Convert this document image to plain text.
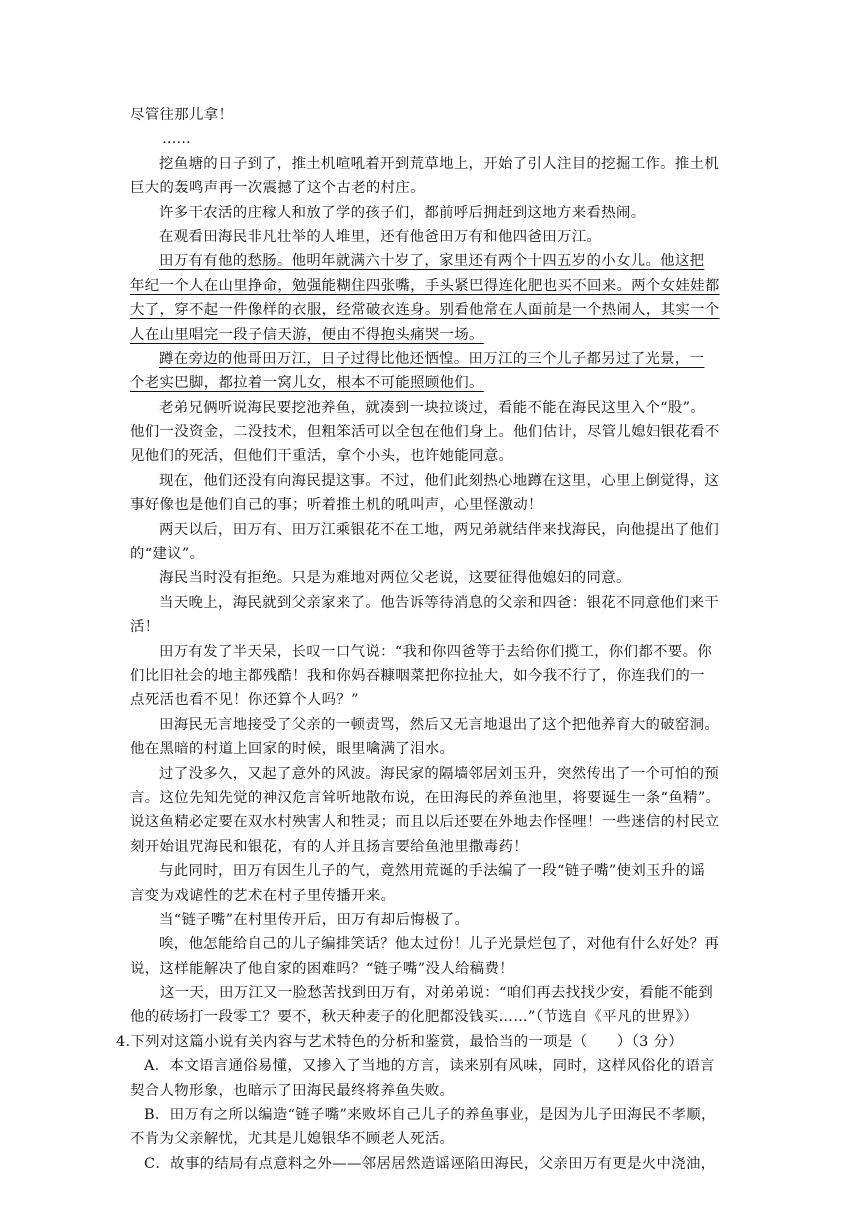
尽管往那儿拿！
……
挖鱼塘的日子到了，推土机喧吼着开到荒草地上，开始了引人注目的挖掘工作。推土机
巨大的轰鸣声再一次震撼了这个古老的村庄。
许多干农活的庄稼人和放了学的孩子们，都前呼后拥赶到这地方来看热闹。
在观看田海民非凡壮举的人堆里，还有他爸田万有和他四爸田万江。
田万有有他的愁肠。他明年就满六十岁了，家里还有两个十四五岁的小女儿。他这把
年纪一个人在山里挣命，勉强能糊住四张嘴，手头紧巴得连化肥也买不回来。两个女娃娃都
大了，穿不起一件像样的衣服，经常破衣连身。别看他常在人面前是一个热闹人，其实一个
人在山里唱完一段子信天游，便由不得抱头痛哭一场。
蹲在旁边的他哥田万江，日子过得比他还恓惶。田万江的三个儿子都另过了光景，一
个老实巴脚，都拉着一窝儿女，根本不可能照顾他们。
老弟兄俩听说海民要挖池养鱼，就凑到一块拉谈过，看能不能在海民这里入个“股”。
他们一没资金，二没技术，但粗笨活可以全包在他们身上。他们估计，尽管儿媳妇银花看不
见他们的死活，但他们干重活，拿个小头，也许她能同意。
现在，他们还没有向海民提这事。不过，他们此刻热心地蹲在这里，心里上倒觉得，这
事好像也是他们自己的事；听着推土机的吼叫声，心里怪激动！
两天以后，田万有、田万江乘银花不在工地，两兄弟就结伴来找海民，向他提出了他们
的“建议”。
海民当时没有拒绝。只是为难地对两位父老说，这要征得他媳妇的同意。
当天晚上，海民就到父亲家来了。他告诉等待消息的父亲和四爸：银花不同意他们来干
活！
田万有发了半天呆，长叹一口气说：“我和你四爸等于去给你们揽工，你们都不要。你
们比旧社会的地主都残酷！我和你妈吞糠咽菜把你拉扯大，如今我不行了，你连我们的一
点死活也看不见！你还算个人吗？”
田海民无言地接受了父亲的一顿责骂，然后又无言地退出了这个把他养育大的破窑洞。
他在黑暗的村道上回家的时候，眼里噙满了泪水。
过了没多久，又起了意外的风波。海民家的隔墙邻居刘玉升，突然传出了一个可怕的预
言。这位先知先觉的神汉危言耸听地散布说，在田海民的养鱼池里，将要诞生一条“鱼精”。
说这鱼精必定要在双水村殃害人和牲灵；而且以后还要在外地去作怪哩！一些迷信的村民立
刻开始诅咒海民和银花，有的人并且扬言要给鱼池里撒毒药！
与此同时，田万有因生儿子的气，竟然用荒诞的手法编了一段“链子嘴”使刘玉升的谣
言变为戏谑性的艺术在村子里传播开来。
当“链子嘴”在村里传开后，田万有却后悔极了。
唉，他怎能给自己的儿子编排笑话？他太过份！儿子光景烂包了，对他有什么好处？再
说，这样能解决了他自家的困难吗？“链子嘴”没人给稿费！
这一天，田万江又一脸愁苦找到田万有，对弟弟说：“咱们再去找找少安，看能不能到
他的砖场打一段零工？要不，秋天种麦子的化肥都没钱买……”（节选自《平凡的世界》）
4.下列对这篇小说有关内容与艺术特色的分析和鉴赏，最恰当的一项是（　　）（3 分）
A．本文语言通俗易懂，又掺入了当地的方言，读来别有风味，同时，这样风俗化的语言
契合人物形象，也暗示了田海民最终将养鱼失败。
B．田万有之所以编造“链子嘴”来败坏自己儿子的养鱼事业，是因为儿子田海民不孝顺，
不肯为父亲解忧，尤其是儿媳银华不顾老人死活。
C．故事的结局有点意料之外——邻居居然造谣诬陷田海民，父亲田万有更是火中浇油，
